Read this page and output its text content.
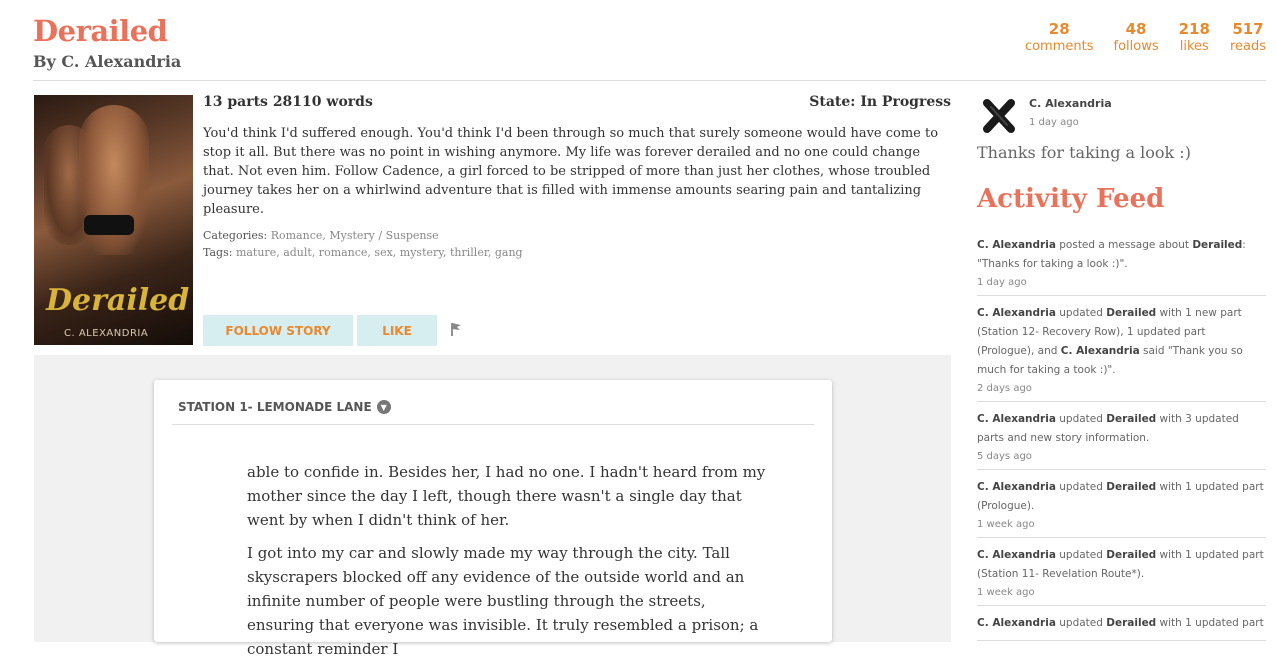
Derailed
By C. Alexandria
28
comments
48
follows
218
likes
517
reads
Derailed
C. ALEXANDRIA
13 parts 28110 words	State: In Progress
You'd think I'd suffered enough. You'd think I'd been through so much that surely someone would have come to stop it all. But there was no point in wishing anymore. My life was forever derailed and no one could change that. Not even him. Follow Cadence, a girl forced to be stripped of more than just her clothes, whose troubled journey takes her on a whirlwind adventure that is filled with immense amounts searing pain and tantalizing pleasure.
Categories: Romance, Mystery / Suspense
Tags: mature, adult, romance, sex, mystery, thriller, gang
FOLLOW STORY	LIKE
STATION 1- LEMONADE LANE	▼

able to confide in. Besides her, I had no one. I hadn't heard from my mother since the day I left, though there wasn't a single day that went by when I didn't think of her.

I got into my car and slowly made my way through the city. Tall skyscrapers blocked off any evidence of the outside world and an infinite number of people were bustling through the streets, ensuring that everyone was invisible. It truly resembled a prison; a constant reminder I

C. Alexandria
1 day ago
Thanks for taking a look :)
Activity Feed
C. Alexandria posted a message about Derailed: "Thanks for taking a look :)".
1 day ago
C. Alexandria updated Derailed with 1 new part (Station 12- Recovery Row), 1 updated part (Prologue), and C. Alexandria said "Thank you so much for taking a took :)".
2 days ago
C. Alexandria updated Derailed with 3 updated parts and new story information.
5 days ago
C. Alexandria updated Derailed with 1 updated part (Prologue).
1 week ago
C. Alexandria updated Derailed with 1 updated part (Station 11- Revelation Route*).
1 week ago
C. Alexandria updated Derailed with 1 updated part
